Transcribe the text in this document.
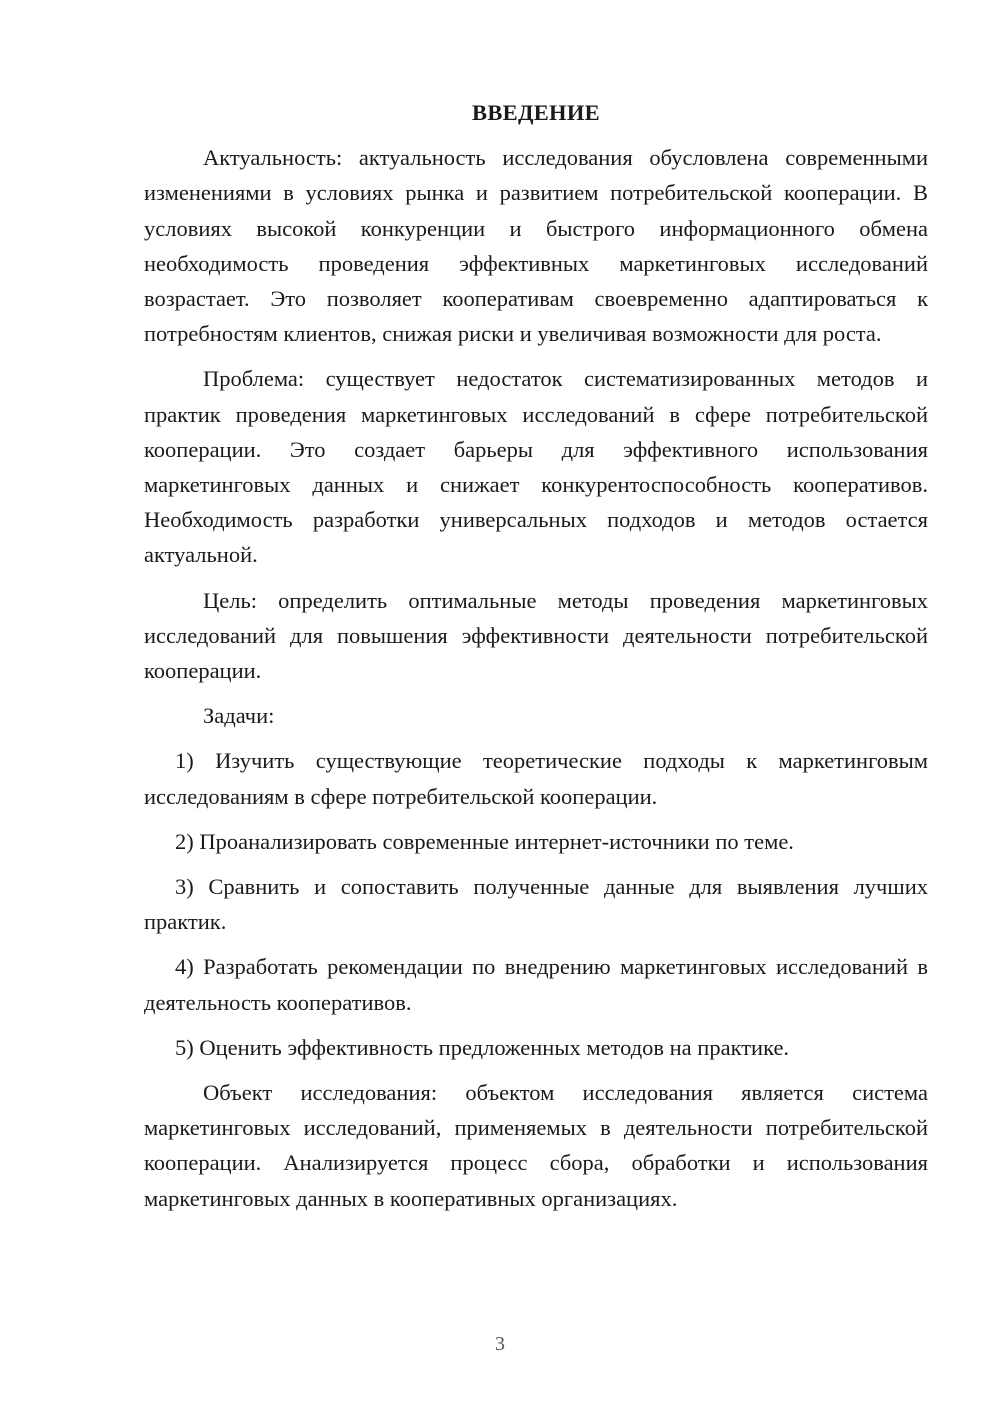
ВВЕДЕНИЕ

Актуальность: актуальность исследования обусловлена современными изменениями в условиях рынка и развитием потребительской кооперации. В условиях высокой конкуренции и быстрого информационного обмена необходимость проведения эффективных маркетинговых исследований возрастает. Это позволяет кооперативам своевременно адаптироваться к потребностям клиентов, снижая риски и увеличивая возможности для роста.

Проблема: существует недостаток систематизированных методов и практик проведения маркетинговых исследований в сфере потребительской кооперации. Это создает барьеры для эффективного использования маркетинговых данных и снижает конкурентоспособность кооперативов. Необходимость разработки универсальных подходов и методов остается актуальной.

Цель: определить оптимальные методы проведения маркетинговых исследований для повышения эффективности деятельности потребительской кооперации.

Задачи:

1) Изучить существующие теоретические подходы к маркетинговым исследованиям в сфере потребительской кооперации.

2) Проанализировать современные интернет-источники по теме.

3) Сравнить и сопоставить полученные данные для выявления лучших практик.

4) Разработать рекомендации по внедрению маркетинговых исследований в деятельность кооперативов.

5) Оценить эффективность предложенных методов на практике.

Объект исследования: объектом исследования является система маркетинговых исследований, применяемых в деятельности потребительской кооперации. Анализируется процесс сбора, обработки и использования маркетинговых данных в кооперативных организациях.

3
